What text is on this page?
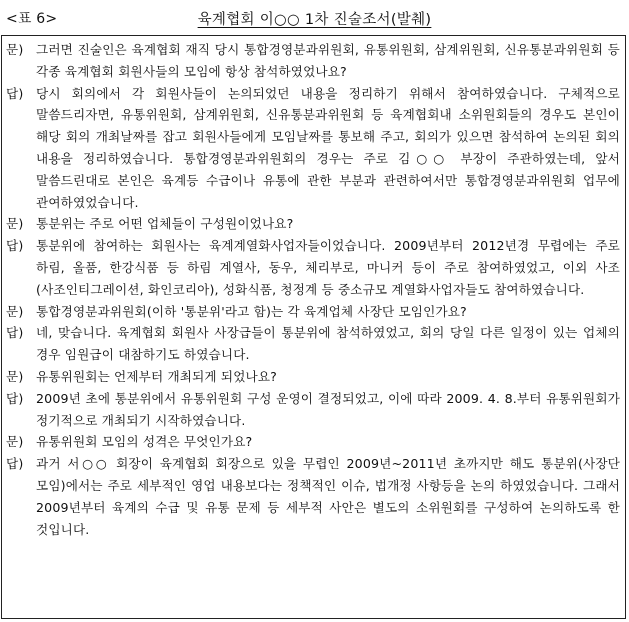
<표 6>	육계협회 이○○ 1차 진술조서(발췌)
문)	그러면 진술인은 육계협회 재직 당시 통합경영분과위원회, 유통위원회, 삼계위원회, 신유통분과위원회 등 각종 육계협회 회원사들의 모임에 항상 참석하였었나요?
답)	당시 회의에서 각 회원사들이 논의되었던 내용을 정리하기 위해서 참여하였습니다. 구체적으로 말씀드리자면, 유통위원회, 삼계위원회, 신유통분과위원회 등 육계협회내 소위원회들의 경우도 본인이 해당 회의 개최날짜를 잡고 회원사들에게 모임날짜를 통보해 주고, 회의가 있으면 참석하여 논의된 회의 내용을 정리하였습니다. 통합경영분과위원회의 경우는 주로 김○○ 부장이 주관하였는데, 앞서 말씀드린대로 본인은 육계등 수급이나 유통에 관한 부분과 관련하여서만 통합경영분과위원회 업무에 관여하였었습니다.
문)	통분위는 주로 어떤 업체들이 구성원이었나요?
답)	통분위에 참여하는 회원사는 육계계열화사업자들이었습니다. 2009년부터 2012년경 무렵에는 주로 하림, 올품, 한강식품 등 하림 계열사, 동우, 체리부로, 마니커 등이 주로 참여하였었고, 이외 사조(사조인티그레이션, 화인코리아), 성화식품, 청정계 등 중소규모 계열화사업자들도 참여하였습니다.
문)	통합경영분과위원회(이하 '통분위'라고 함)는 각 육계업체 사장단 모임인가요?
답)	네, 맞습니다. 육계협회 회원사 사장급들이 통분위에 참석하였었고, 회의 당일 다른 일정이 있는 업체의 경우 임원급이 대참하기도 하였습니다.
문)	유통위원회는 언제부터 개최되게 되었나요?
답)	2009년 초에 통분위에서 유통위원회 구성 운영이 결정되었고, 이에 따라 2009. 4. 8.부터 유통위원회가 정기적으로 개최되기 시작하였습니다.
문)	유통위원회 모임의 성격은 무엇인가요?
답)	과거 서○○ 회장이 육계협회 회장으로 있을 무렵인 2009년~2011년 초까지만 해도 통분위(사장단 모임)에서는 주로 세부적인 영업 내용보다는 정책적인 이슈, 법개정 사항등을 논의 하였었습니다. 그래서 2009년부터 육계의 수급 및 유통 문제 등 세부적 사안은 별도의 소위원회를 구성하여 논의하도록 한 것입니다.
